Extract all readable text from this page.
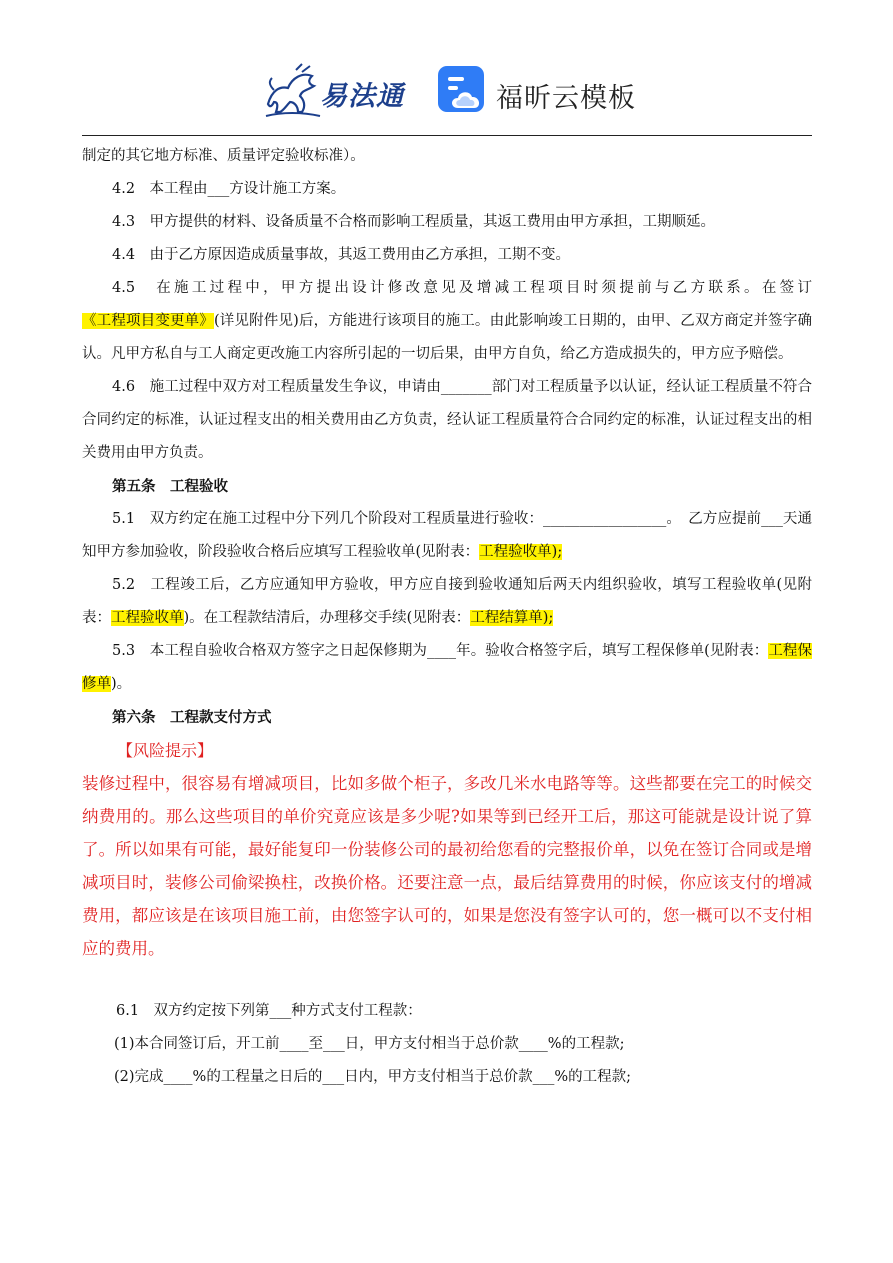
易法通	福昕云模板

制定的其它地方标准、质量评定验收标准）。

4.2　本工程由___方设计施工方案。

4.3　甲方提供的材料、设备质量不合格而影响工程质量，其返工费用由甲方承担，工期顺延。

4.4　由于乙方原因造成质量事故，其返工费用由乙方承担，工期不变。

4.5　在施工过程中，甲方提出设计修改意见及增减工程项目时须提前与乙方联系。在签订《工程项目变更单》(详见附件见)后，方能进行该项目的施工。由此影响竣工日期的，由甲、乙双方商定并签字确认。凡甲方私自与工人商定更改施工内容所引起的一切后果，由甲方自负，给乙方造成损失的，甲方应予赔偿。

4.6　施工过程中双方对工程质量发生争议，申请由_______部门对工程质量予以认证，经认证工程质量不符合合同约定的标准，认证过程支出的相关费用由乙方负责，经认证工程质量符合合同约定的标准，认证过程支出的相关费用由甲方负责。

第五条　工程验收

5.1　双方约定在施工过程中分下列几个阶段对工程质量进行验收：_________________。　乙方应提前___天通知甲方参加验收，阶段验收合格后应填写工程验收单(见附表：工程验收单);

5.2　工程竣工后，乙方应通知甲方验收，甲方应自接到验收通知后两天内组织验收，填写工程验收单(见附表：工程验收单)。在工程款结清后，办理移交手续(见附表：工程结算单);

5.3　本工程自验收合格双方签字之日起保修期为____年。验收合格签字后，填写工程保修单(见附表：工程保修单)。

第六条　工程款支付方式

【风险提示】

装修过程中，很容易有增减项目，比如多做个柜子，多改几米水电路等等。这些都要在完工的时候交纳费用的。那么这些项目的单价究竟应该是多少呢?如果等到已经开工后，那这可能就是设计说了算了。所以如果有可能，最好能复印一份装修公司的最初给您看的完整报价单，以免在签订合同或是增减项目时，装修公司偷梁换柱，改换价格。还要注意一点，最后结算费用的时候，你应该支付的增减费用，都应该是在该项目施工前，由您签字认可的，如果是您没有签字认可的，您一概可以不支付相应的费用。

6.1　双方约定按下列第___种方式支付工程款：

(1)本合同签订后，开工前____至___日，甲方支付相当于总价款____%的工程款;

(2)完成____%的工程量之日后的___日内，甲方支付相当于总价款___%的工程款;
